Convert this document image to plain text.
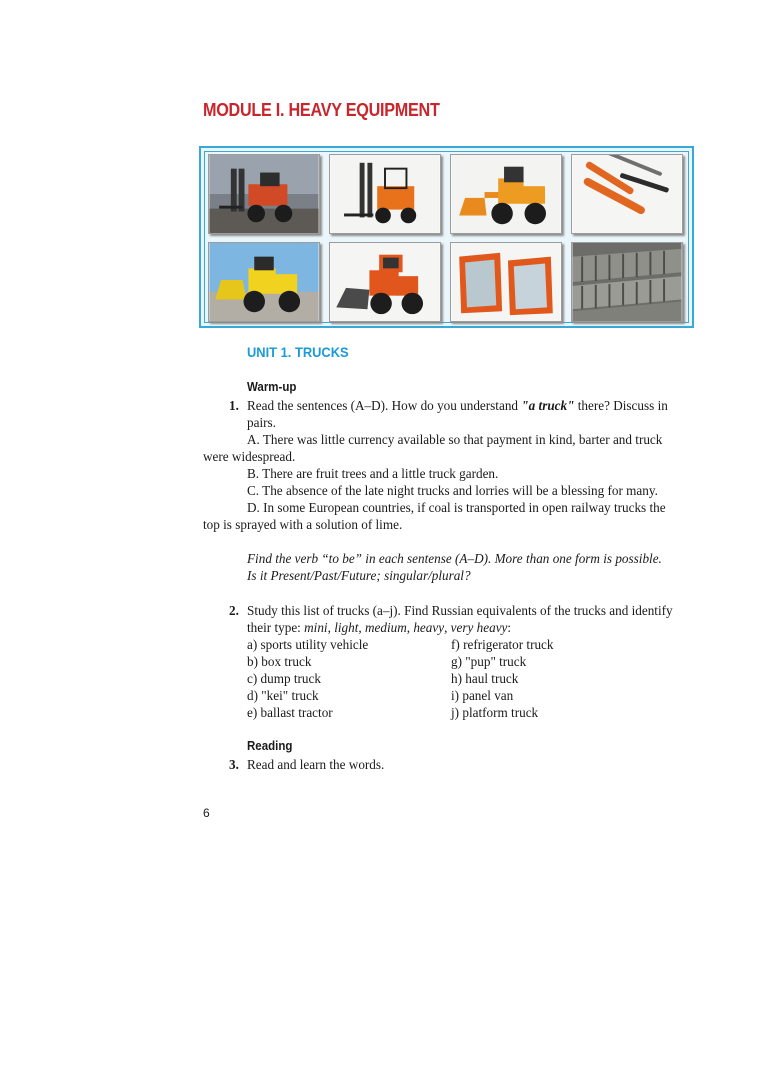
MODULE I. HEAVY EQUIPMENT
UNIT 1. TRUCKS
Warm-up
1. Read the sentences (A–D). How do you understand "a truck" there? Discuss in
pairs.
A. There was little currency available so that payment in kind, barter and truck
were widespread.
B. There are fruit trees and a little truck garden.
C. The absence of the late night trucks and lorries will be a blessing for many.
D. In some European countries, if coal is transported in open railway trucks the
top is sprayed with a solution of lime.
Find the verb “to be” in each sentense (A–D). More than one form is possible.
Is it Present/Past/Future; singular/plural?
2. Study this list of trucks (a–j). Find Russian equivalents of the trucks and identify
their type: mini, light, medium, heavy, very heavy:
a) sports utility vehicle
b) box truck
c) dump truck
d) "kei" truck
e) ballast tractor
f) refrigerator truck
g) "pup" truck
h) haul truck
i) panel van
j) platform truck
Reading
3. Read and learn the words.
6
